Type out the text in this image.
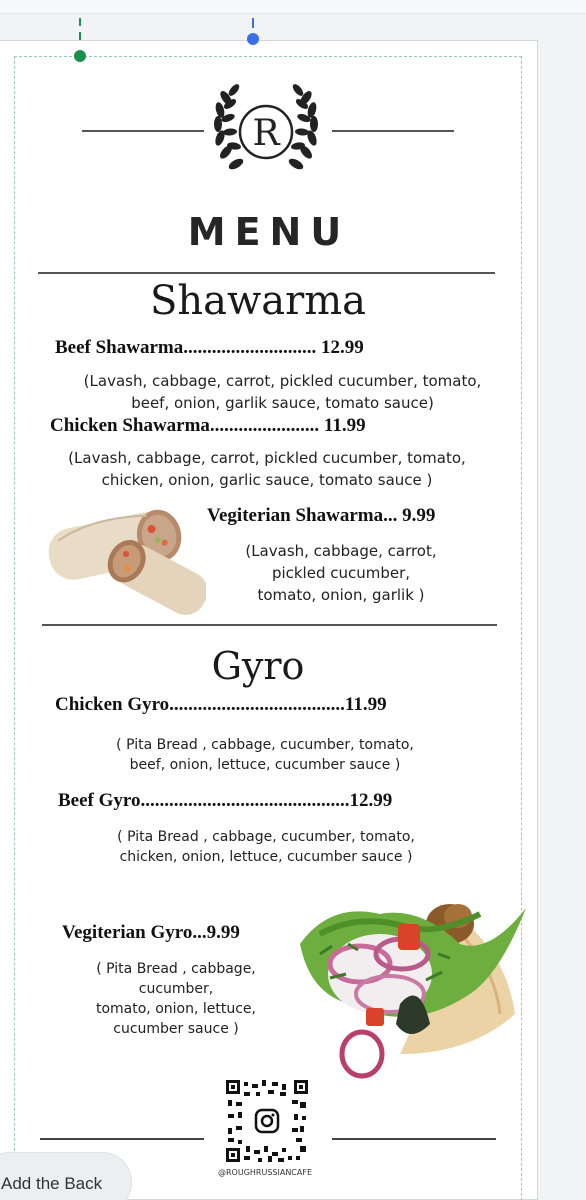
R
MENU
Shawarma
Beef Shawarma............................ 12.99
(Lavash, cabbage, carrot, pickled cucumber, tomato,
beef, onion, garlik sauce, tomato sauce)
Chicken Shawarma....................... 11.99
(Lavash, cabbage, carrot, pickled cucumber, tomato,
chicken, onion, garlic sauce, tomato sauce )
Vegiterian Shawarma... 9.99
(Lavash, cabbage, carrot,
pickled cucumber,
tomato, onion, garlik )
Gyro
Chicken Gyro.....................................11.99
( Pita Bread , cabbage, cucumber, tomato,
beef, onion, lettuce, cucumber sauce )
Beef Gyro............................................12.99
( Pita Bread , cabbage, cucumber, tomato,
chicken, onion, lettuce, cucumber sauce )
Vegiterian Gyro...9.99
( Pita Bread , cabbage,
cucumber,
tomato, onion, lettuce,
cucumber sauce )
@ROUGHRUSSIANCAFE
Add the Back
